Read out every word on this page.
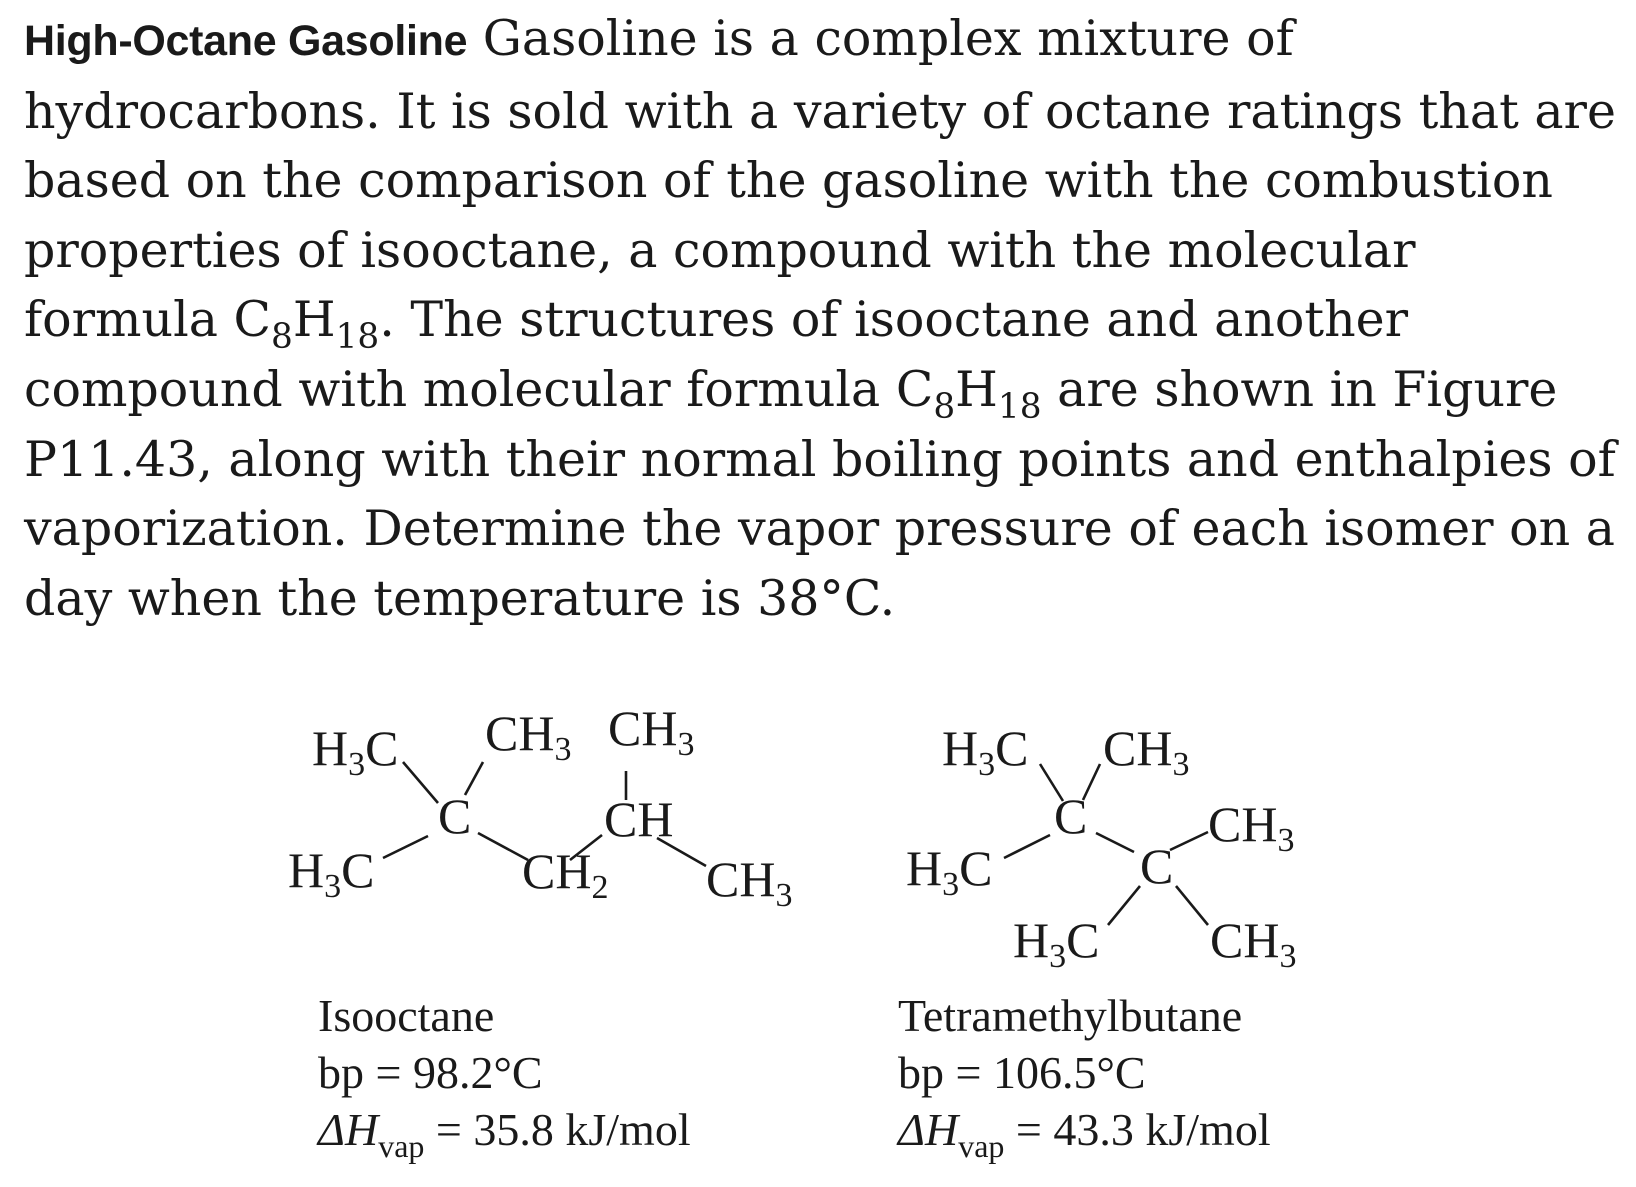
High-Octane Gasoline Gasoline is a complex mixture of hydrocarbons. It is sold with a variety of octane ratings that are based on the comparison of the gasoline with the combustion properties of isooctane, a compound with the molecular formula $C_8H_{18}$. The structures of isooctane and another compound with molecular formula $C_8H_{18}$ are shown in Figure P11.43, along with their normal boiling points and enthalpies of vaporization. Determine the vapor pressure of each isomer on a day when the temperature is 38°C.

$H_3C$ $CH_3$ $CH_3$
C	CH
$H_3C$	$CH_2$ $CH_3$
Isooctane
bp = 98.2°C
$\Delta H_{vap} = 35.8$ kJ/mol
$H_3C$ $CH_3$
C $CH_3$
$H_3C$	C
$H_3C$ $CH_3$
Tetramethylbutane
bp = 106.5°C
$\Delta H_{vap} = 43.3$ kJ/mol
